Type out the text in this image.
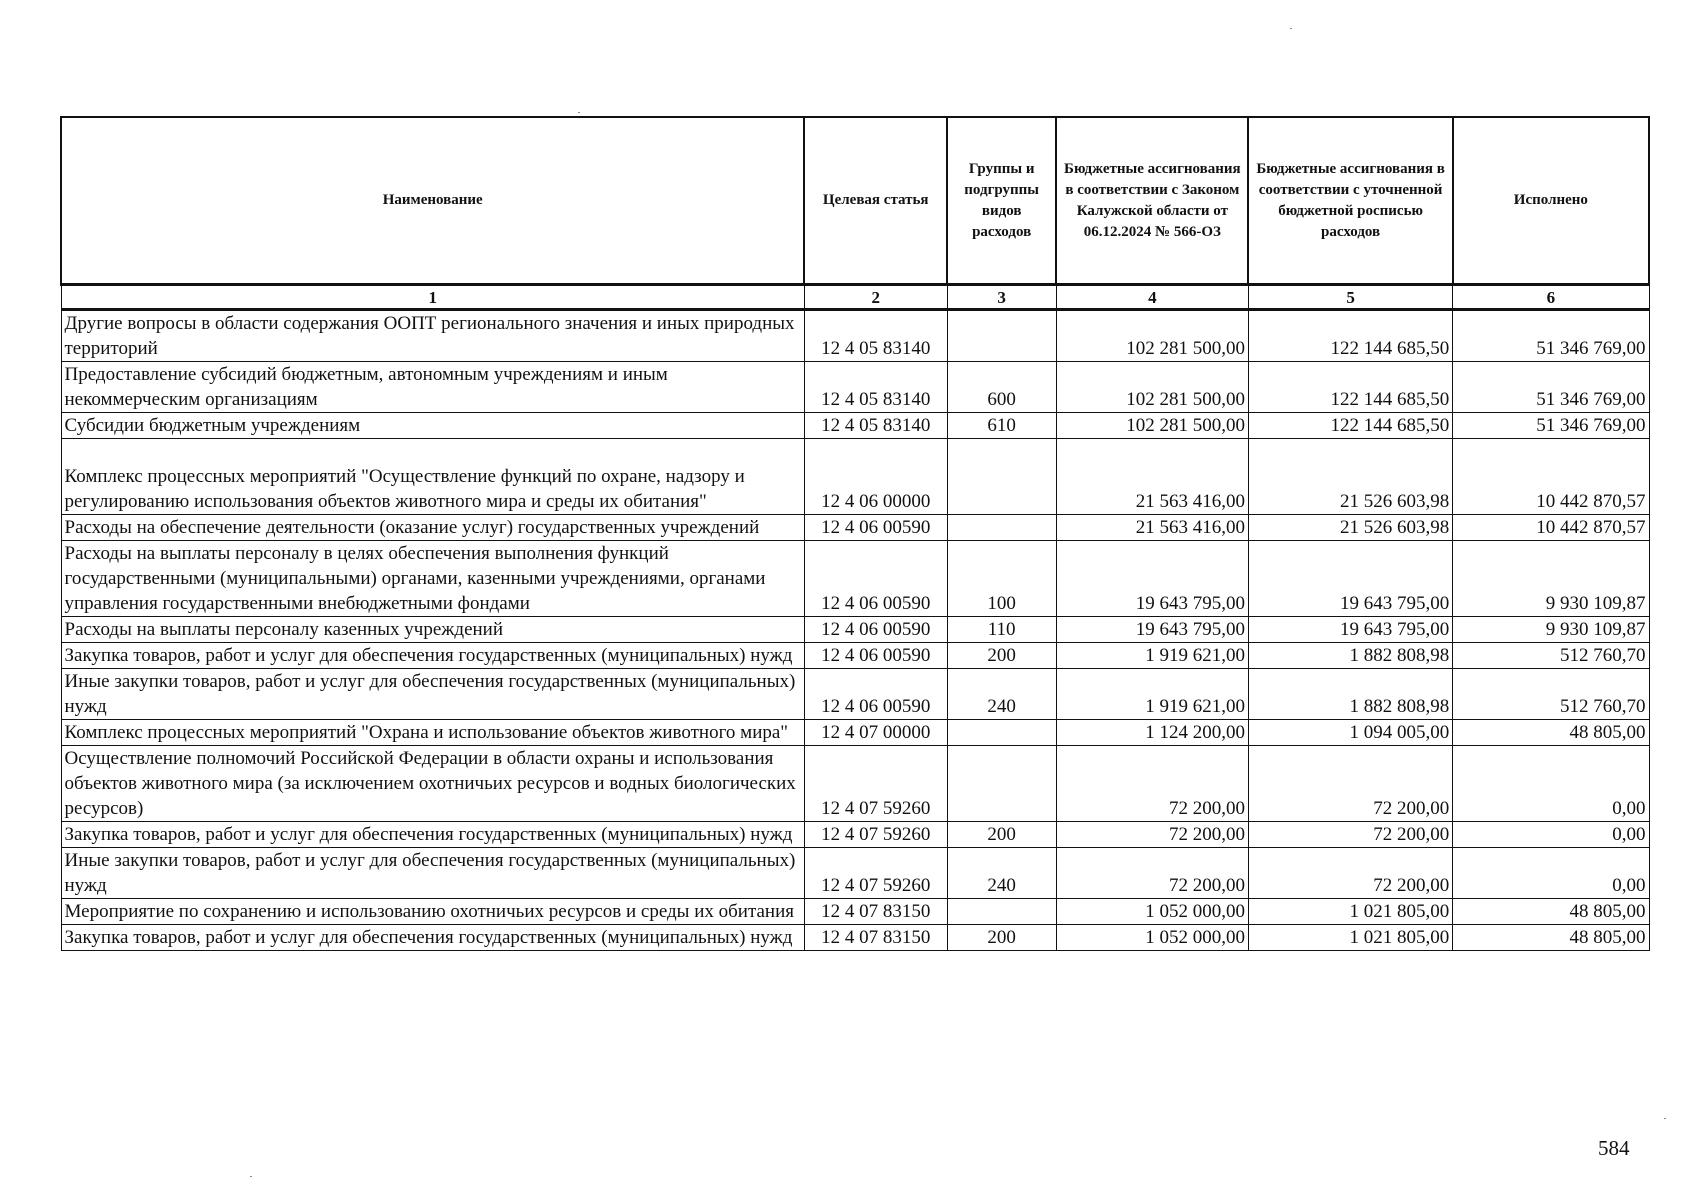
Наименование	Целевая статья	Группы и подгруппы видов расходов	Бюджетные ассигнования в соответствии с Законом Калужской области от 06.12.2024 № 566-ОЗ	Бюджетные ассигнования в соответствии с уточненной бюджетной росписью расходов	Исполнено
1	2	3	4	5	6
Другие вопросы в области содержания ООПТ регионального значения и иных природных территорий	12 4 05 83140		102 281 500,00	122 144 685,50	51 346 769,00
Предоставление субсидий бюджетным, автономным учреждениям и иным некоммерческим организациям	12 4 05 83140	600	102 281 500,00	122 144 685,50	51 346 769,00
Субсидии бюджетным учреждениям	12 4 05 83140	610	102 281 500,00	122 144 685,50	51 346 769,00
Комплекс процессных мероприятий "Осуществление функций по охране, надзору и регулированию использования объектов животного мира и среды их обитания"	12 4 06 00000		21 563 416,00	21 526 603,98	10 442 870,57
Расходы на обеспечение деятельности (оказание услуг) государственных учреждений	12 4 06 00590		21 563 416,00	21 526 603,98	10 442 870,57
Расходы на выплаты персоналу в целях обеспечения выполнения функций государственными (муниципальными) органами, казенными учреждениями, органами управления государственными внебюджетными фондами	12 4 06 00590	100	19 643 795,00	19 643 795,00	9 930 109,87
Расходы на выплаты персоналу казенных учреждений	12 4 06 00590	110	19 643 795,00	19 643 795,00	9 930 109,87
Закупка товаров, работ и услуг для обеспечения государственных (муниципальных) нужд	12 4 06 00590	200	1 919 621,00	1 882 808,98	512 760,70
Иные закупки товаров, работ и услуг для обеспечения государственных (муниципальных) нужд	12 4 06 00590	240	1 919 621,00	1 882 808,98	512 760,70
Комплекс процессных мероприятий "Охрана и использование объектов животного мира"	12 4 07 00000		1 124 200,00	1 094 005,00	48 805,00
Осуществление полномочий Российской Федерации в области охраны и использования объектов животного мира (за исключением охотничьих ресурсов и водных биологических ресурсов)	12 4 07 59260		72 200,00	72 200,00	0,00
Закупка товаров, работ и услуг для обеспечения государственных (муниципальных) нужд	12 4 07 59260	200	72 200,00	72 200,00	0,00
Иные закупки товаров, работ и услуг для обеспечения государственных (муниципальных) нужд	12 4 07 59260	240	72 200,00	72 200,00	0,00
Мероприятие по сохранению и использованию охотничьих ресурсов и среды их обитания	12 4 07 83150		1 052 000,00	1 021 805,00	48 805,00
Закупка товаров, работ и услуг для обеспечения государственных (муниципальных) нужд	12 4 07 83150	200	1 052 000,00	1 021 805,00	48 805,00
584
